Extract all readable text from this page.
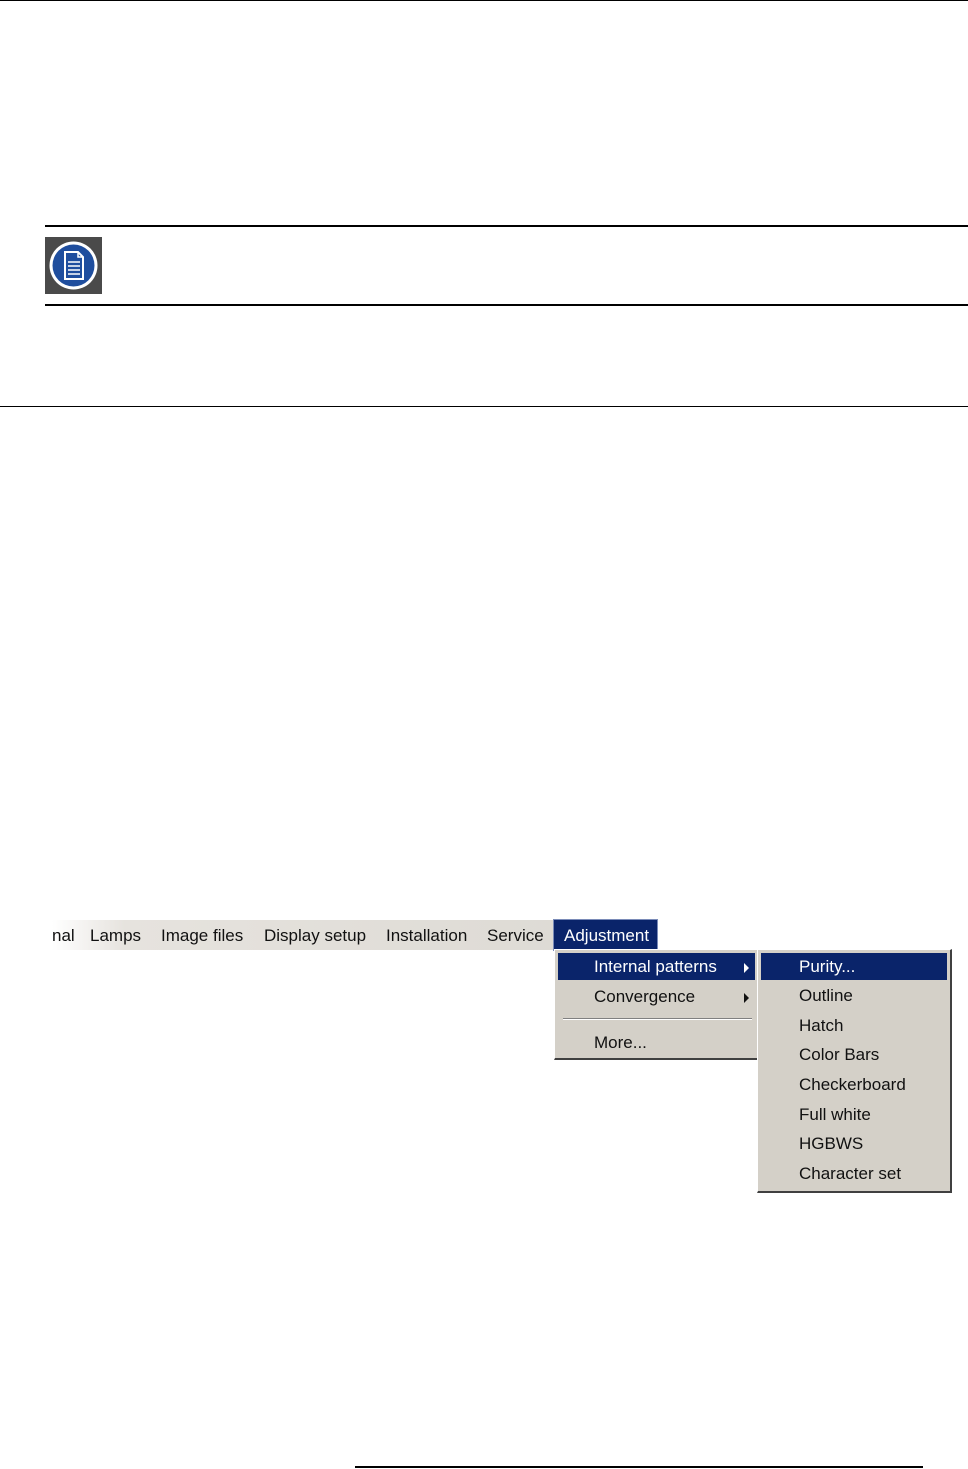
nal Lamps Image files Display setup Installation Service	Adjustment
Internal patterns
Convergence
More...
Purity...
Outline
Hatch
Color Bars
Checkerboard
Full white
HGBWS
Character set
